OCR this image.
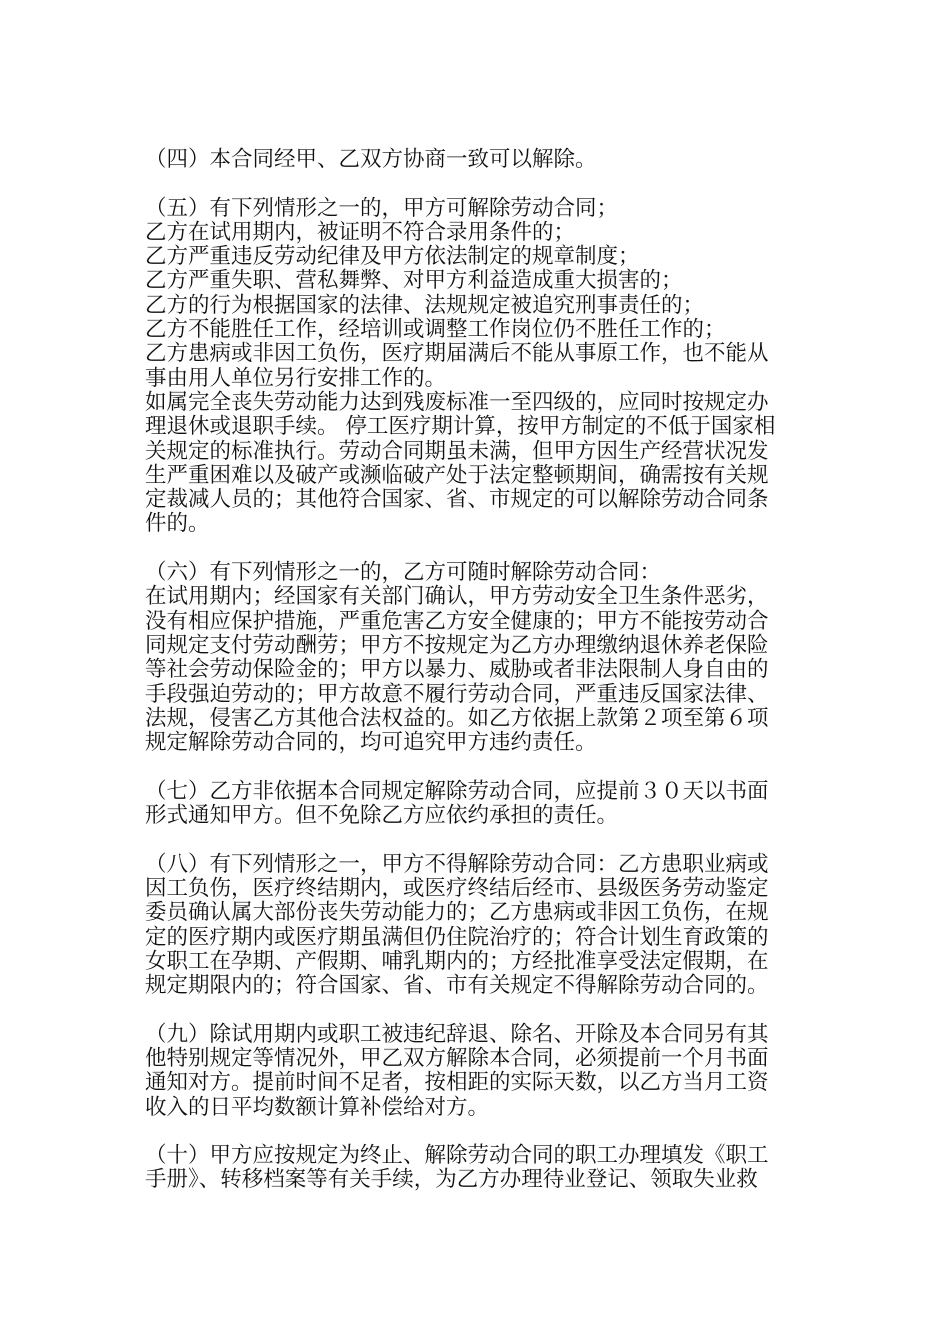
（四）本合同经甲、乙双方协商一致可以解除。
（五）有下列情形之一的，甲方可解除劳动合同；
乙方在试用期内，被证明不符合录用条件的；
乙方严重违反劳动纪律及甲方依法制定的规章制度；
乙方严重失职、营私舞弊、对甲方利益造成重大损害的；
乙方的行为根据国家的法律、法规规定被追究刑事责任的；
乙方不能胜任工作，经培训或调整工作岗位仍不胜任工作的；
乙方患病或非因工负伤，医疗期届满后不能从事原工作，也不能从
事由用人单位另行安排工作的。
如属完全丧失劳动能力达到残废标准一至四级的，应同时按规定办
理退休或退职手续。 停工医疗期计算，按甲方制定的不低于国家相
关规定的标准执行。劳动合同期虽未满，但甲方因生产经营状况发
生严重困难以及破产或濒临破产处于法定整顿期间，确需按有关规
定裁减人员的；其他符合国家、省、市规定的可以解除劳动合同条
件的。
（六）有下列情形之一的，乙方可随时解除劳动合同：
在试用期内；经国家有关部门确认，甲方劳动安全卫生条件恶劣，
没有相应保护措施，严重危害乙方安全健康的；甲方不能按劳动合
同规定支付劳动酬劳；甲方不按规定为乙方办理缴纳退休养老保险
等社会劳动保险金的；甲方以暴力、威胁或者非法限制人身自由的
手段强迫劳动的；甲方故意不履行劳动合同，严重违反国家法律、
法规，侵害乙方其他合法权益的。如乙方依据上款第２项至第６项
规定解除劳动合同的，均可追究甲方违约责任。
（七）乙方非依据本合同规定解除劳动合同，应提前３０天以书面
形式通知甲方。但不免除乙方应依约承担的责任。
（八）有下列情形之一，甲方不得解除劳动合同：乙方患职业病或
因工负伤，医疗终结期内，或医疗终结后经市、县级医务劳动鉴定
委员确认属大部份丧失劳动能力的；乙方患病或非因工负伤，在规
定的医疗期内或医疗期虽满但仍住院治疗的；符合计划生育政策的
女职工在孕期、产假期、哺乳期内的；方经批准享受法定假期，在
规定期限内的；符合国家、省、市有关规定不得解除劳动合同的。
（九）除试用期内或职工被违纪辞退、除名、开除及本合同另有其
他特别规定等情况外，甲乙双方解除本合同，必须提前一个月书面
通知对方。提前时间不足者，按相距的实际天数，以乙方当月工资
收入的日平均数额计算补偿给对方。
（十）甲方应按规定为终止、解除劳动合同的职工办理填发《职工
手册》、转移档案等有关手续，为乙方办理待业登记、领取失业救
